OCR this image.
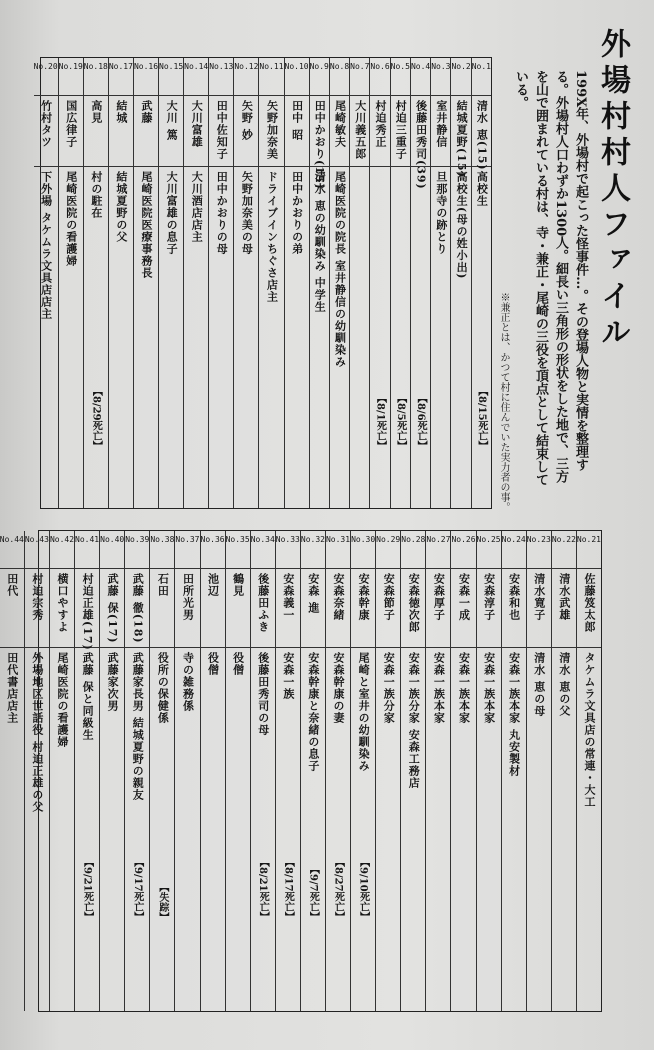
外場村村人ファイル
199X年、外場村で起こった怪事件…。その登場人物と実情を整理する。外場村人口わずか1300人。細長い三角形の形状をした地で、三方を山で囲まれている村は、寺・兼正・尾崎の三役を頂点として結束している。
※兼正とは、かつて村に住んでいた実力者の事。
No.1
清水 恵(15)
高校生
【8/15死亡】
No.2
結城夏野(15)
高校生(母の姓小出)
No.3
室井静信
旦那寺の跡とり
No.4
後藤田秀司(39)
【8/6死亡】
No.5
村迫三重子
【8/5死亡】
No.6
村迫秀正
【8/1死亡】
No.7
大川義五郎
No.8
尾崎敏夫
尾崎医院の院長 室井静信の幼馴染み
No.9
田中かおり(15)
清水 恵の幼馴染み 中学生
No.10
田中 昭
田中かおりの弟
No.11
矢野加奈美
ドライブインちぐさ店主
No.12
矢野 妙
矢野加奈美の母
No.13
田中佐知子
田中かおりの母
No.14
大川富雄
大川酒店店主
No.15
大川 篤
大川富雄の息子
No.16
武藤
尾崎医院医療事務長
No.17
結城
結城夏野の父
No.18
高見
村の駐在
【8/29死亡】
No.19
国広律子
尾崎医院の看護婦
No.20
竹村タツ
下外場 タケムラ文具店店主
No.21
佐藤笈太郎
タケムラ文具店の常連・大工
No.22
清水武雄
清水 恵の父
No.23
清水寛子
清水 恵の母
No.24
安森和也
安森一族本家 丸安製材
No.25
安森淳子
安森一族本家
No.26
安森一成
安森一族本家
No.27
安森厚子
安森一族本家
No.28
安森徳次郎
安森一族分家 安森工務店
No.29
安森節子
安森一族分家
No.30
安森幹康
尾崎と室井の幼馴染み
【9/10死亡】
No.31
安森奈緒
安森幹康の妻
【8/27死亡】
No.32
安森 進
安森幹康と奈緒の息子
【9/7死亡】
No.33
安森義一
安森一族
【8/17死亡】
No.34
後藤田ふき
後藤田秀司の母
【8/21死亡】
No.35
鶴見
役僧
No.36
池辺
役僧
No.37
田所光男
寺の雑務係
No.38
石田
役所の保健係
【失踪】
No.39
武藤 徹(18)
武藤家長男 結城夏野の親友
【9/17死亡】
No.40
武藤 保(17)
武藤家次男
No.41
村迫正雄(17)
武藤 保と同級生
【9/21死亡】
No.42
横口やすよ
尾崎医院の看護婦
No.43
村迫宗秀
外場地区世話役 村迫正雄の父
No.44
田代
田代書店店主
